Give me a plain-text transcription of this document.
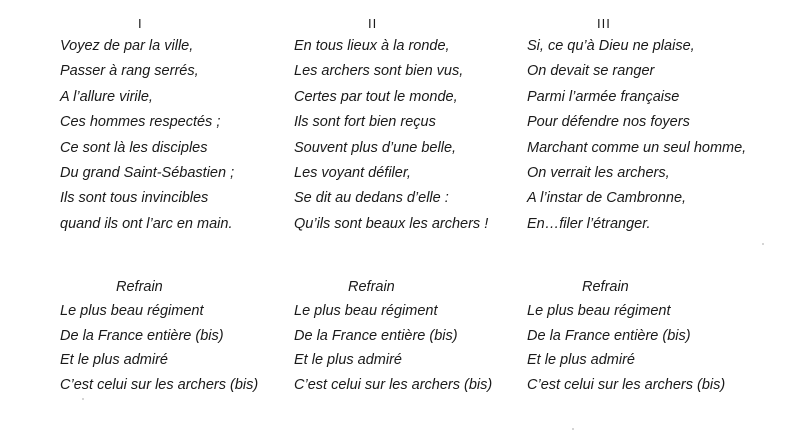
I
Voyez de par la ville,
Passer à rang serrés,
A l’allure virile,
Ces hommes respectés ;
Ce sont là les disciples
Du grand Saint-Sébastien ;
Ils sont tous invincibles
quand ils ont l’arc en main.
Refrain
Le plus beau régiment
De la France entière (bis)
Et le plus admiré
C’est celui sur les archers (bis)
II
En tous lieux à la ronde,
Les archers sont bien vus,
Certes par tout le monde,
Ils sont fort bien reçus
Souvent plus d’une belle,
Les voyant défiler,
Se dit au dedans d’elle :
Qu’ils sont beaux les archers !
Refrain
Le plus beau régiment
De la France entière (bis)
Et le plus admiré
C’est celui sur les archers (bis)
III
Si, ce qu’à Dieu ne plaise,
On devait se ranger
Parmi l’armée française
Pour défendre nos foyers
Marchant comme un seul homme,
On verrait les archers,
A l’instar de Cambronne,
En…filer l’étranger.
Refrain
Le plus beau régiment
De la France entière (bis)
Et le plus admiré
C’est celui sur les archers (bis)
